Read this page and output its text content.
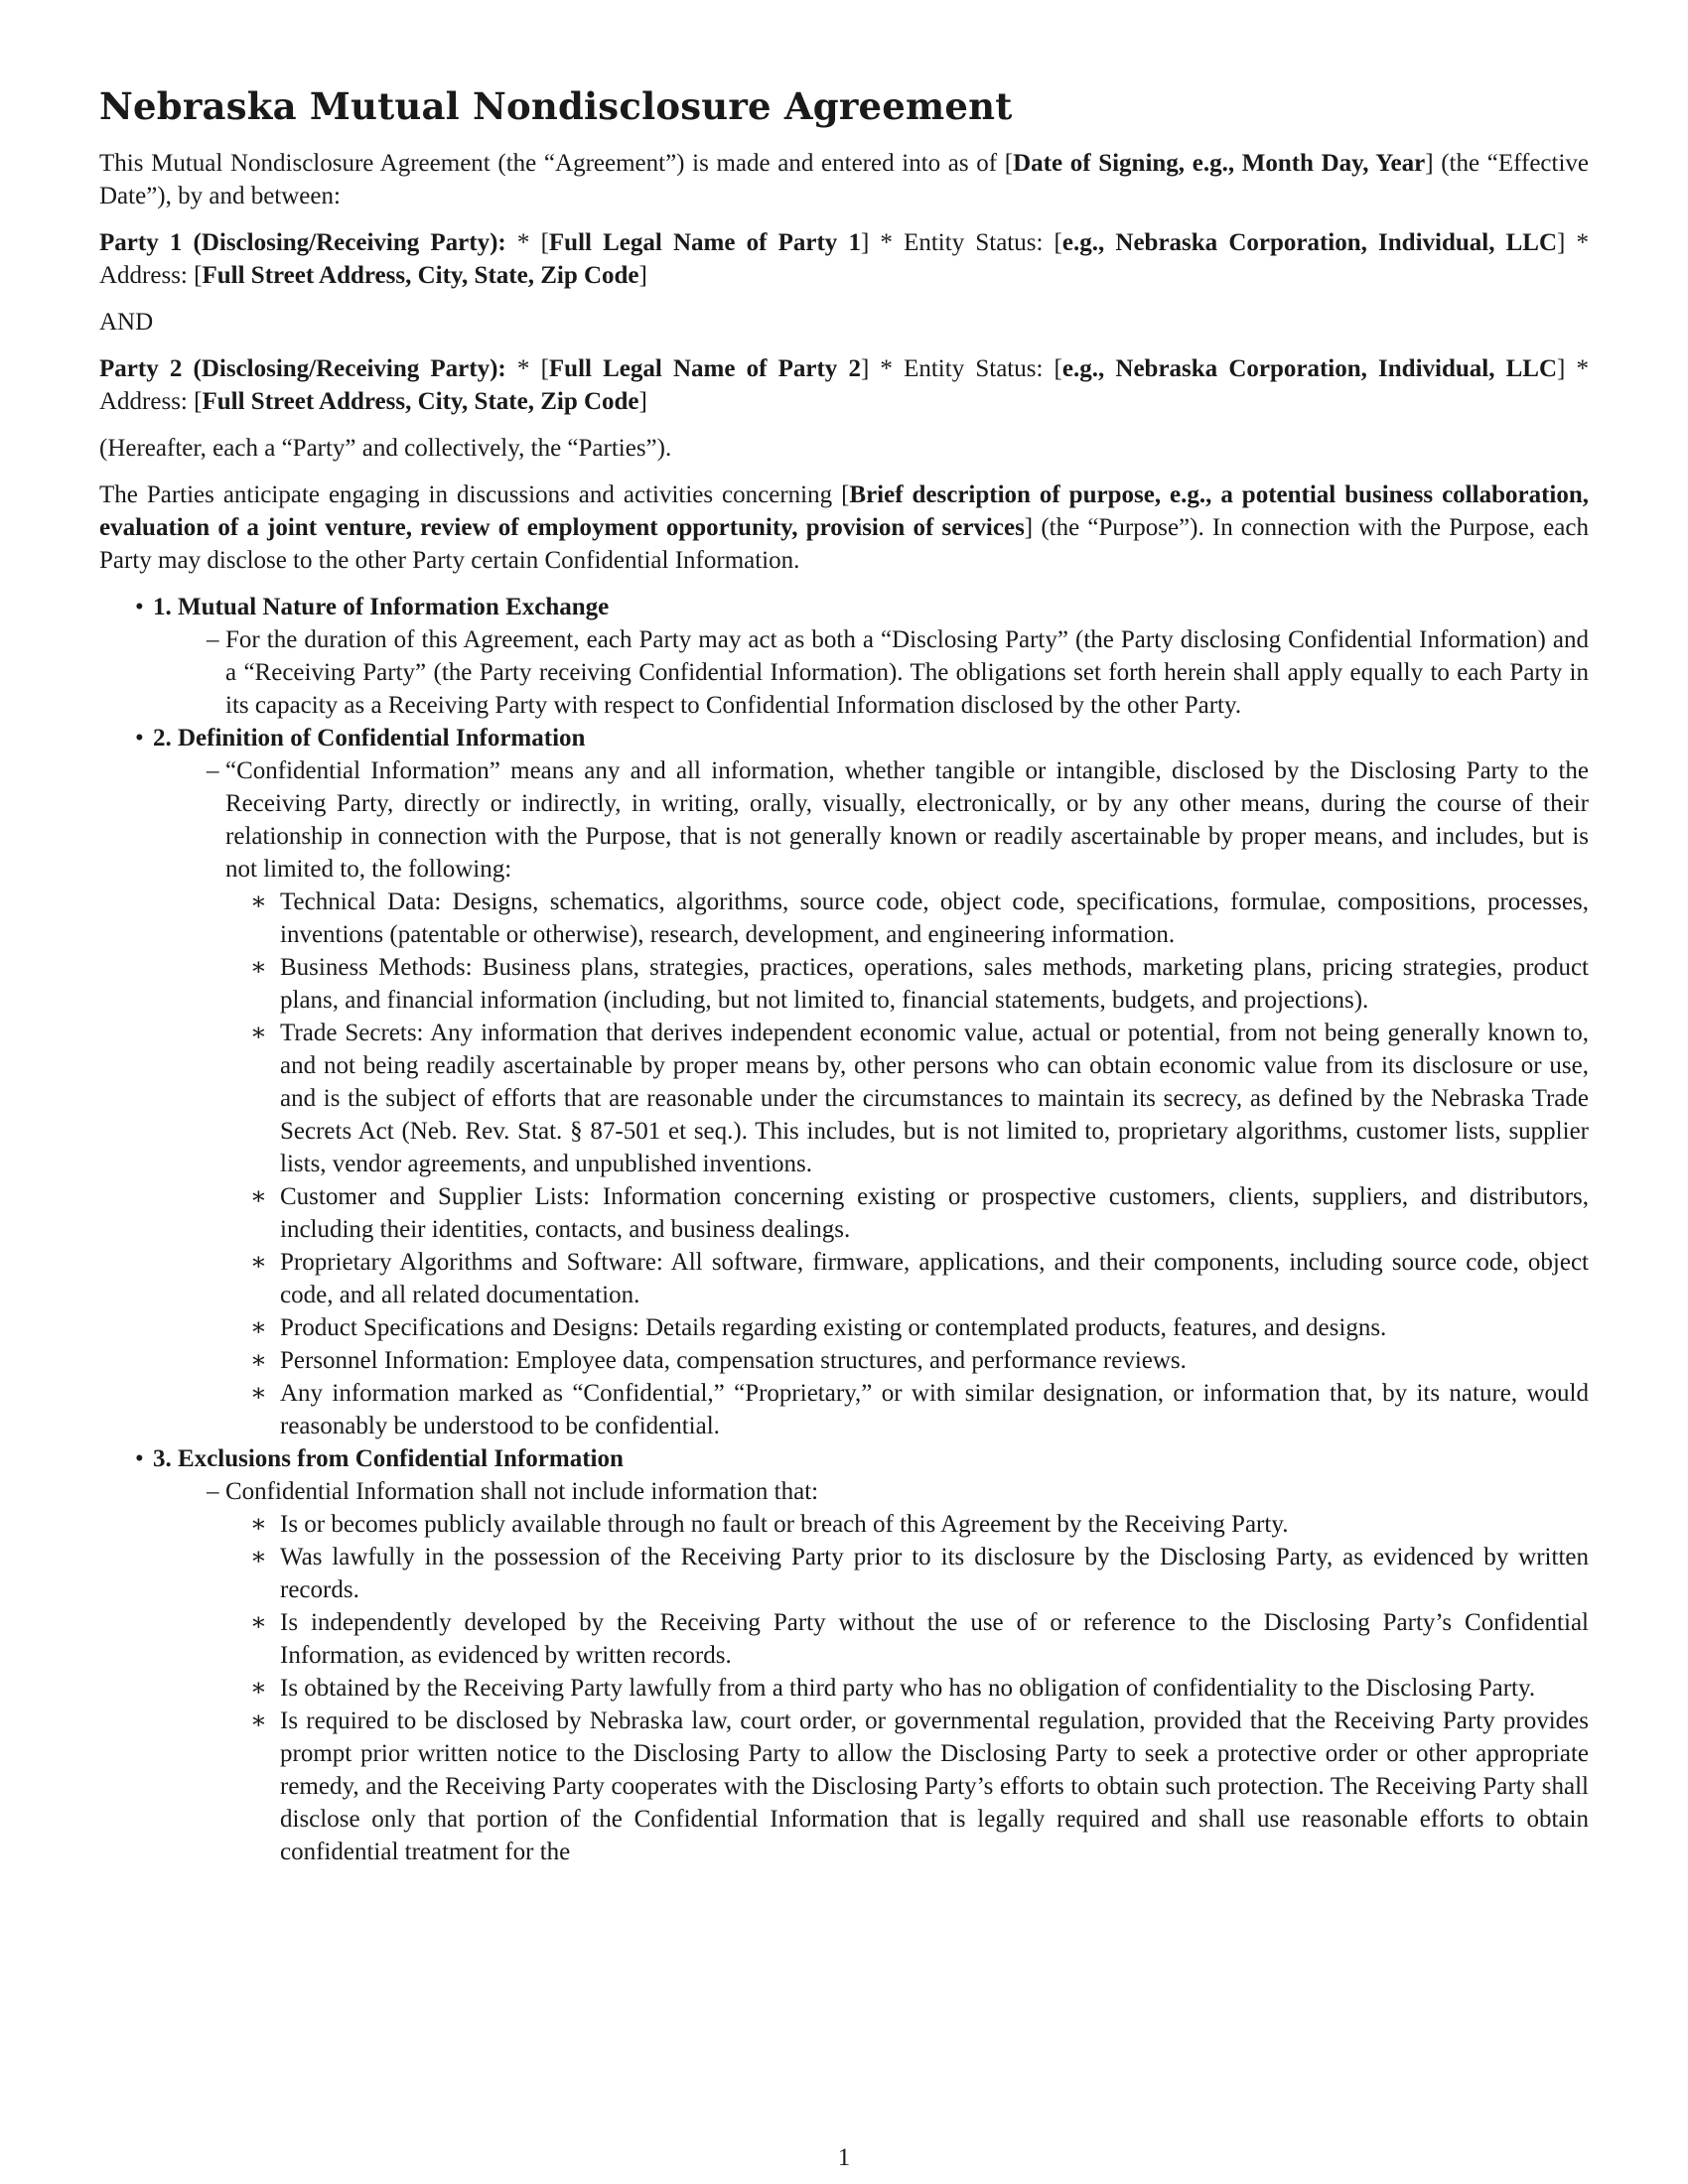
Nebraska Mutual Nondisclosure Agreement

This Mutual Nondisclosure Agreement (the “Agreement”) is made and entered into as of [Date of Signing, e.g., Month Day, Year] (the “Effective Date”), by and between:

Party 1 (Disclosing/Receiving Party): * [Full Legal Name of Party 1] * Entity Status: [e.g., Nebraska Corporation, Individual, LLC] * Address: [Full Street Address, City, State, Zip Code]

AND

Party 2 (Disclosing/Receiving Party): * [Full Legal Name of Party 2] * Entity Status: [e.g., Nebraska Corporation, Individual, LLC] * Address: [Full Street Address, City, State, Zip Code]

(Hereafter, each a “Party” and collectively, the “Parties”).

The Parties anticipate engaging in discussions and activities concerning [Brief description of purpose, e.g., a potential business collaboration, evaluation of a joint venture, review of employment opportunity, provision of services] (the “Purpose”). In connection with the Purpose, each Party may disclose to the other Party certain Confidential Information.

• 1. Mutual Nature of Information Exchange
– For the duration of this Agreement, each Party may act as both a “Disclosing Party” (the Party disclosing Confidential Information) and a “Receiving Party” (the Party receiving Confidential Information). The obligations set forth herein shall apply equally to each Party in its capacity as a Receiving Party with respect to Confidential Information disclosed by the other Party.
• 2. Definition of Confidential Information
– “Confidential Information” means any and all information, whether tangible or intangible, disclosed by the Disclosing Party to the Receiving Party, directly or indirectly, in writing, orally, visually, electronically, or by any other means, during the course of their relationship in connection with the Purpose, that is not generally known or readily ascertainable by proper means, and includes, but is not limited to, the following:
∗ Technical Data: Designs, schematics, algorithms, source code, object code, specifications, formulae, compositions, processes, inventions (patentable or otherwise), research, development, and engineering information.
∗ Business Methods: Business plans, strategies, practices, operations, sales methods, marketing plans, pricing strategies, product plans, and financial information (including, but not limited to, financial statements, budgets, and projections).
∗ Trade Secrets: Any information that derives independent economic value, actual or potential, from not being generally known to, and not being readily ascertainable by proper means by, other persons who can obtain economic value from its disclosure or use, and is the subject of efforts that are reasonable under the circumstances to maintain its secrecy, as defined by the Nebraska Trade Secrets Act (Neb. Rev. Stat. § 87-501 et seq.). This includes, but is not limited to, proprietary algorithms, customer lists, supplier lists, vendor agreements, and unpublished inventions.
∗ Customer and Supplier Lists: Information concerning existing or prospective customers, clients, suppliers, and distributors, including their identities, contacts, and business dealings.
∗ Proprietary Algorithms and Software: All software, firmware, applications, and their components, including source code, object code, and all related documentation.
∗ Product Specifications and Designs: Details regarding existing or contemplated products, features, and designs.
∗ Personnel Information: Employee data, compensation structures, and performance reviews.
∗ Any information marked as “Confidential,” “Proprietary,” or with similar designation, or information that, by its nature, would reasonably be understood to be confidential.
• 3. Exclusions from Confidential Information
– Confidential Information shall not include information that:
∗ Is or becomes publicly available through no fault or breach of this Agreement by the Receiving Party.
∗ Was lawfully in the possession of the Receiving Party prior to its disclosure by the Disclosing Party, as evidenced by written records.
∗ Is independently developed by the Receiving Party without the use of or reference to the Disclosing Party’s Confidential Information, as evidenced by written records.
∗ Is obtained by the Receiving Party lawfully from a third party who has no obligation of confidentiality to the Disclosing Party.
∗ Is required to be disclosed by Nebraska law, court order, or governmental regulation, provided that the Receiving Party provides prompt prior written notice to the Disclosing Party to allow the Disclosing Party to seek a protective order or other appropriate remedy, and the Receiving Party cooperates with the Disclosing Party’s efforts to obtain such protection. The Receiving Party shall disclose only that portion of the Confidential Information that is legally required and shall use reasonable efforts to obtain confidential treatment for the
1
